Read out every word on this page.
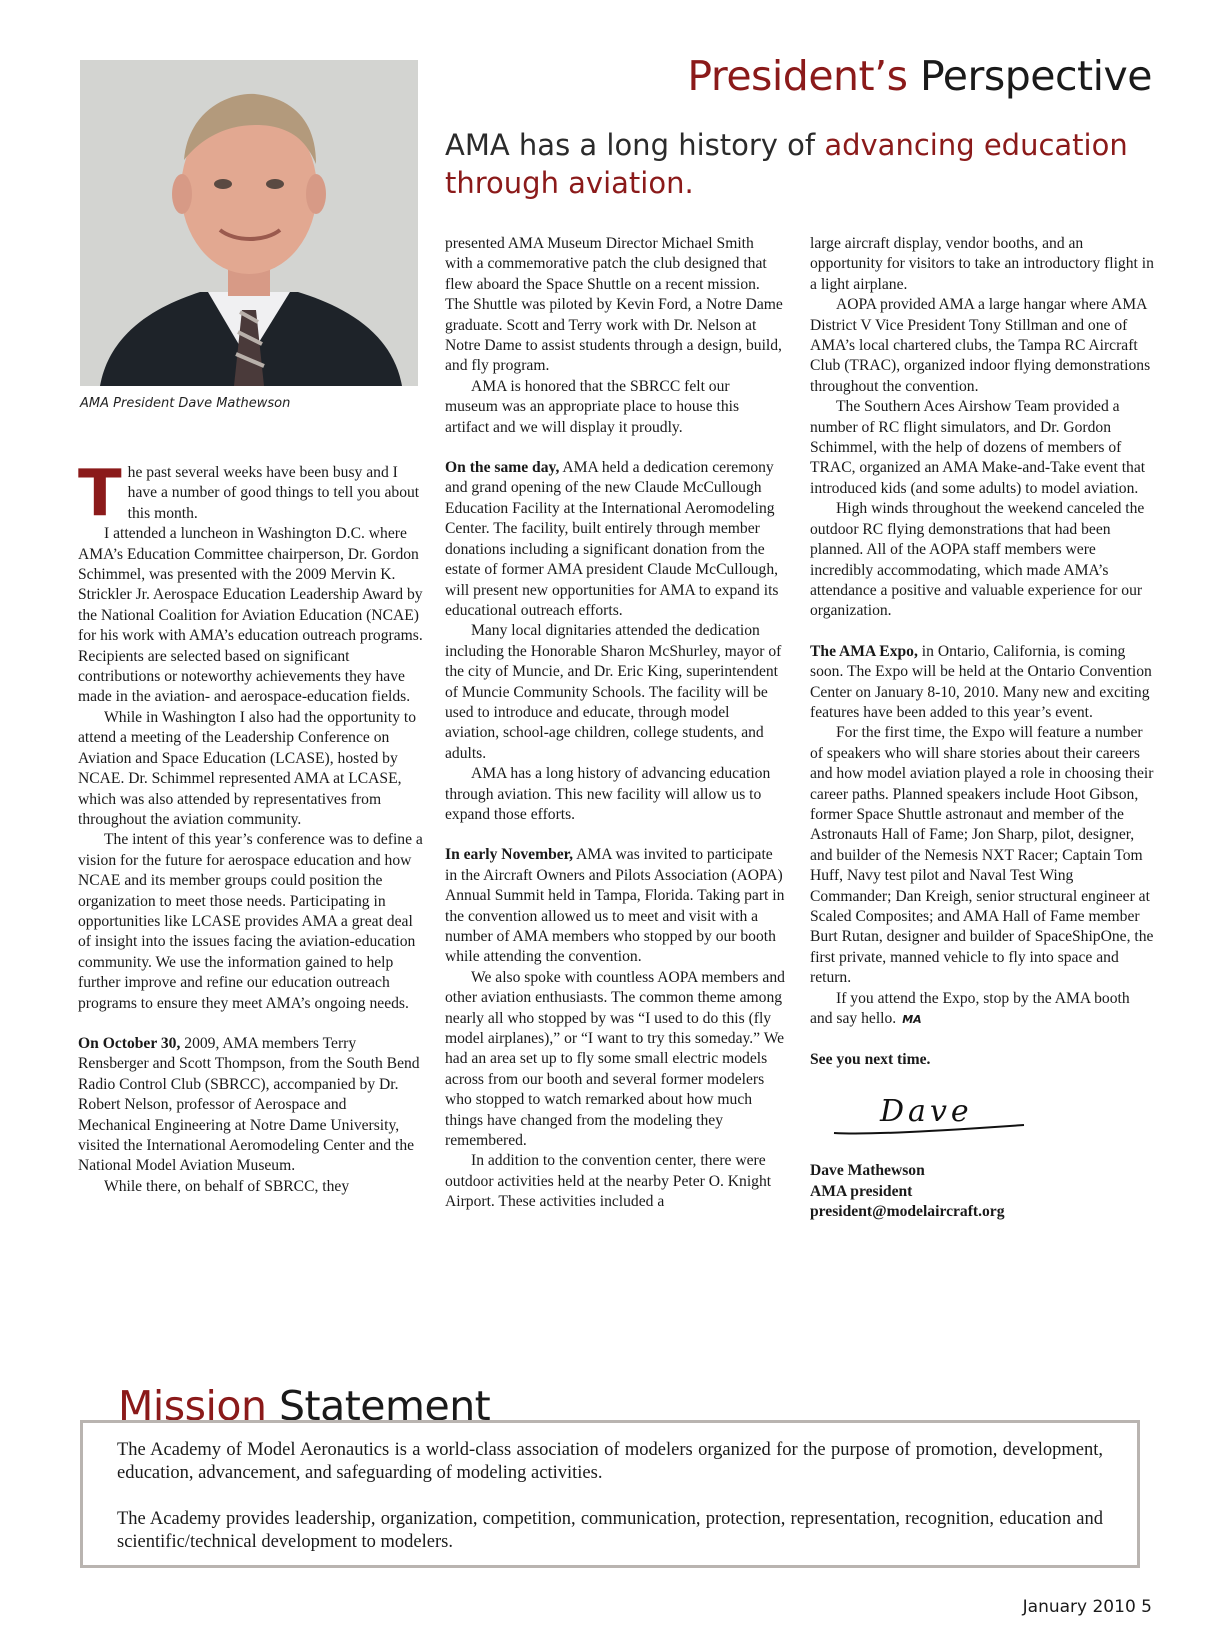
AMA President Dave Mathewson
President’s Perspective
AMA has a long history of advancing education through aviation.

The past several weeks have been busy and I have a number of good things to tell you about this month.

I attended a luncheon in Washington D.C. where AMA’s Education Committee chairperson, Dr. Gordon Schimmel, was presented with the 2009 Mervin K. Strickler Jr. Aerospace Education Leadership Award by the National Coalition for Aviation Education (NCAE) for his work with AMA’s education outreach programs. Recipients are selected based on significant contributions or noteworthy achievements they have made in the aviation- and aerospace-education fields.

While in Washington I also had the opportunity to attend a meeting of the Leadership Conference on Aviation and Space Education (LCASE), hosted by NCAE. Dr. Schimmel represented AMA at LCASE, which was also attended by representatives from throughout the aviation community.

The intent of this year’s conference was to define a vision for the future for aerospace education and how NCAE and its member groups could position the organization to meet those needs. Participating in opportunities like LCASE provides AMA a great deal of insight into the issues facing the aviation-education community. We use the information gained to help further improve and refine our education outreach programs to ensure they meet AMA’s ongoing needs.

On October 30, 2009, AMA members Terry Rensberger and Scott Thompson, from the South Bend Radio Control Club (SBRCC), accompanied by Dr. Robert Nelson, professor of Aerospace and Mechanical Engineering at Notre Dame University, visited the International Aeromodeling Center and the National Model Aviation Museum.

While there, on behalf of SBRCC, they

presented AMA Museum Director Michael Smith with a commemorative patch the club designed that flew aboard the Space Shuttle on a recent mission. The Shuttle was piloted by Kevin Ford, a Notre Dame graduate. Scott and Terry work with Dr. Nelson at Notre Dame to assist students through a design, build, and fly program.

AMA is honored that the SBRCC felt our museum was an appropriate place to house this artifact and we will display it proudly.

On the same day, AMA held a dedication ceremony and grand opening of the new Claude McCullough Education Facility at the International Aeromodeling Center. The facility, built entirely through member donations including a significant donation from the estate of former AMA president Claude McCullough, will present new opportunities for AMA to expand its educational outreach efforts.

Many local dignitaries attended the dedication including the Honorable Sharon McShurley, mayor of the city of Muncie, and Dr. Eric King, superintendent of Muncie Community Schools. The facility will be used to introduce and educate, through model aviation, school-age children, college students, and adults.

AMA has a long history of advancing education through aviation. This new facility will allow us to expand those efforts.

In early November, AMA was invited to participate in the Aircraft Owners and Pilots Association (AOPA) Annual Summit held in Tampa, Florida. Taking part in the convention allowed us to meet and visit with a number of AMA members who stopped by our booth while attending the convention.

We also spoke with countless AOPA members and other aviation enthusiasts. The common theme among nearly all who stopped by was “I used to do this (fly model airplanes),” or “I want to try this someday.” We had an area set up to fly some small electric models across from our booth and several former modelers who stopped to watch remarked about how much things have changed from the modeling they remembered.

In addition to the convention center, there were outdoor activities held at the nearby Peter O. Knight Airport. These activities included a

large aircraft display, vendor booths, and an opportunity for visitors to take an introductory flight in a light airplane.

AOPA provided AMA a large hangar where AMA District V Vice President Tony Stillman and one of AMA’s local chartered clubs, the Tampa RC Aircraft Club (TRAC), organized indoor flying demonstrations throughout the convention.

The Southern Aces Airshow Team provided a number of RC flight simulators, and Dr. Gordon Schimmel, with the help of dozens of members of TRAC, organized an AMA Make-and-Take event that introduced kids (and some adults) to model aviation.

High winds throughout the weekend canceled the outdoor RC flying demonstrations that had been planned. All of the AOPA staff members were incredibly accommodating, which made AMA’s attendance a positive and valuable experience for our organization.

The AMA Expo, in Ontario, California, is coming soon. The Expo will be held at the Ontario Convention Center on January 8-10, 2010. Many new and exciting features have been added to this year’s event.

For the first time, the Expo will feature a number of speakers who will share stories about their careers and how model aviation played a role in choosing their career paths. Planned speakers include Hoot Gibson, former Space Shuttle astronaut and member of the Astronauts Hall of Fame; Jon Sharp, pilot, designer, and builder of the Nemesis NXT Racer; Captain Tom Huff, Navy test pilot and Naval Test Wing Commander; Dan Kreigh, senior structural engineer at Scaled Composites; and AMA Hall of Fame member Burt Rutan, designer and builder of SpaceShipOne, the first private, manned vehicle to fly into space and return.

If you attend the Expo, stop by the AMA booth and say hello. MA

See you next time.

Dave

Dave Mathewson

AMA president

president@modelaircraft.org

Mission Statement

The Academy of Model Aeronautics is a world-class association of modelers organized for the purpose of promotion, development, education, advancement, and safeguarding of modeling activities.

The Academy provides leadership, organization, competition, communication, protection, representation, recognition, education and scientific/technical development to modelers.

January 2010 5
